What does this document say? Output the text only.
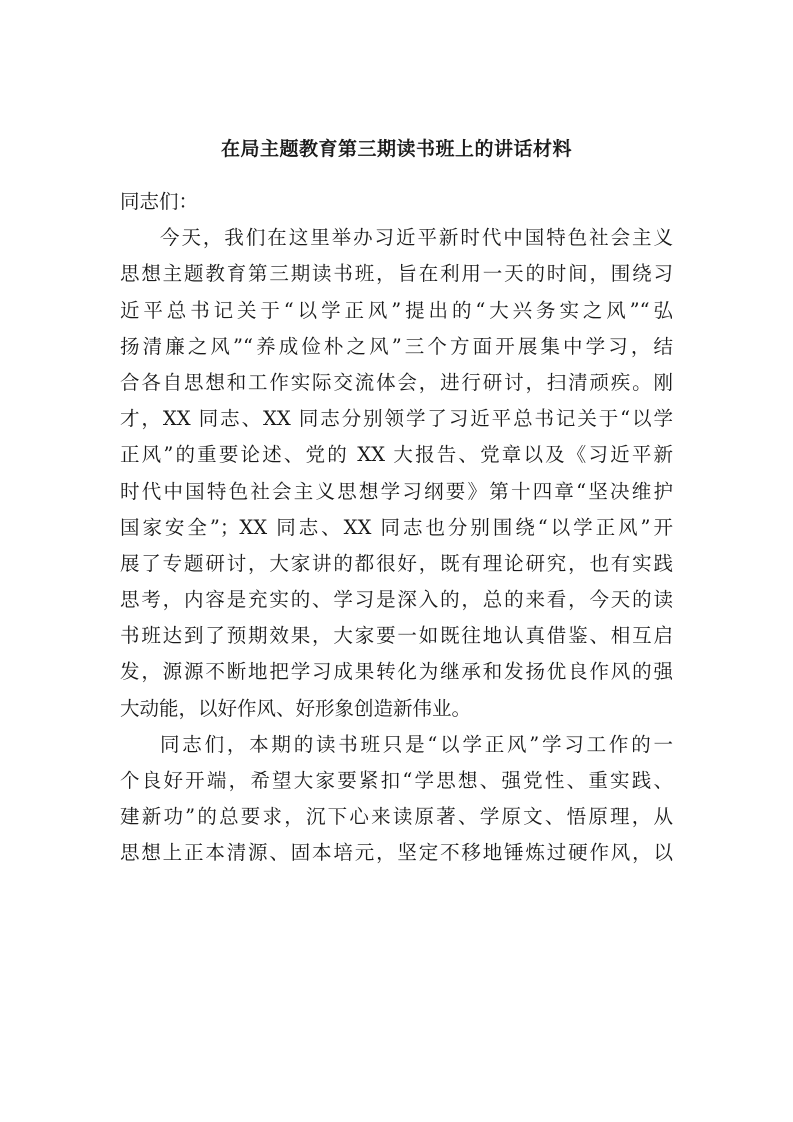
在局主题教育第三期读书班上的讲话材料
同志们：
今天，我们在这里举办习近平新时代中国特色社会主义
思想主题教育第三期读书班，旨在利用一天的时间，围绕习
近平总书记关于“以学正风”提出的“大兴务实之风”“弘
扬清廉之风”“养成俭朴之风”三个方面开展集中学习，结
合各自思想和工作实际交流体会，进行研讨，扫清顽疾。刚
才，XX 同志、XX 同志分别领学了习近平总书记关于“以学
正风”的重要论述、党的 XX 大报告、党章以及《习近平新
时代中国特色社会主义思想学习纲要》第十四章“坚决维护
国家安全”；XX 同志、XX 同志也分别围绕“以学正风”开
展了专题研讨，大家讲的都很好，既有理论研究，也有实践
思考，内容是充实的、学习是深入的，总的来看，今天的读
书班达到了预期效果，大家要一如既往地认真借鉴、相互启
发，源源不断地把学习成果转化为继承和发扬优良作风的强
大动能，以好作风、好形象创造新伟业。
同志们，本期的读书班只是“以学正风”学习工作的一
个良好开端，希望大家要紧扣“学思想、强党性、重实践、
建新功”的总要求，沉下心来读原著、学原文、悟原理，从
思想上正本清源、固本培元，坚定不移地锤炼过硬作风，以
